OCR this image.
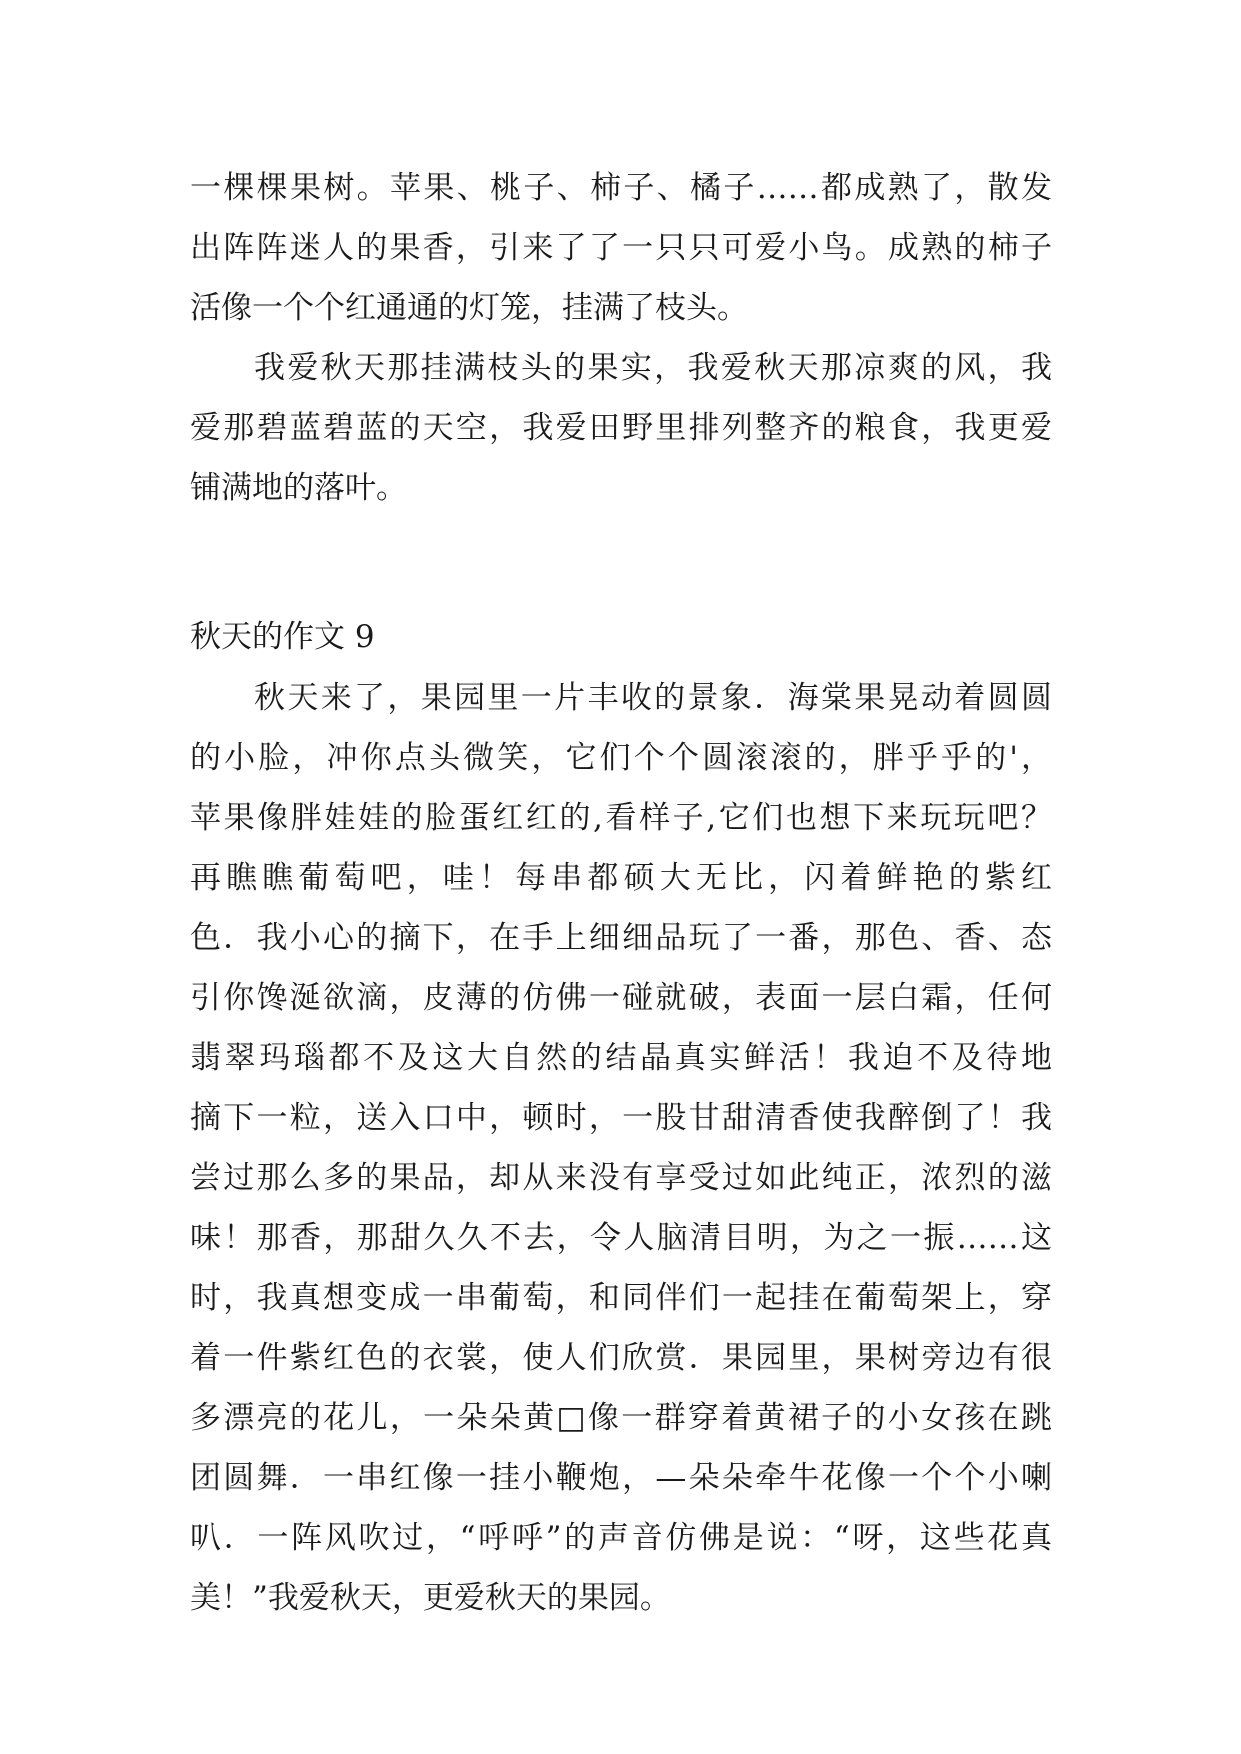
一棵棵果树。苹果、桃子、柿子、橘子……都成熟了，散发
出阵阵迷人的果香，引来了了一只只可爱小鸟。成熟的柿子
活像一个个红通通的灯笼，挂满了枝头。
我爱秋天那挂满枝头的果实，我爱秋天那凉爽的风，我
爱那碧蓝碧蓝的天空，我爱田野里排列整齐的粮食，我更爱
铺满地的落叶。
秋天的作文 9
秋天来了，果园里一片丰收的景象．海棠果晃动着圆圆
的小脸，冲你点头微笑，它们个个圆滚滚的，胖乎乎的'，
苹果像胖娃娃的脸蛋红红的,看样子,它们也想下来玩玩吧？
再瞧瞧葡萄吧，哇！每串都硕大无比，闪着鲜艳的紫红
色．我小心的摘下，在手上细细品玩了一番，那色、香、态
引你馋涎欲滴，皮薄的仿佛一碰就破，表面一层白霜，任何
翡翠玛瑙都不及这大自然的结晶真实鲜活！我迫不及待地
摘下一粒，送入口中，顿时，一股甘甜清香使我醉倒了！我
尝过那么多的果品，却从来没有享受过如此纯正，浓烈的滋
味！那香，那甜久久不去，令人脑清目明，为之一振……这
时，我真想变成一串葡萄，和同伴们一起挂在葡萄架上，穿
着一件紫红色的衣裳，使人们欣赏．果园里，果树旁边有很
多漂亮的花儿，一朵朵黄□像一群穿着黄裙子的小女孩在跳
团圆舞．一串红像一挂小鞭炮，—朵朵牵牛花像一个个小喇
叭．一阵风吹过，“呼呼”的声音仿佛是说：“呀，这些花真
美！”我爱秋天，更爱秋天的果园。
